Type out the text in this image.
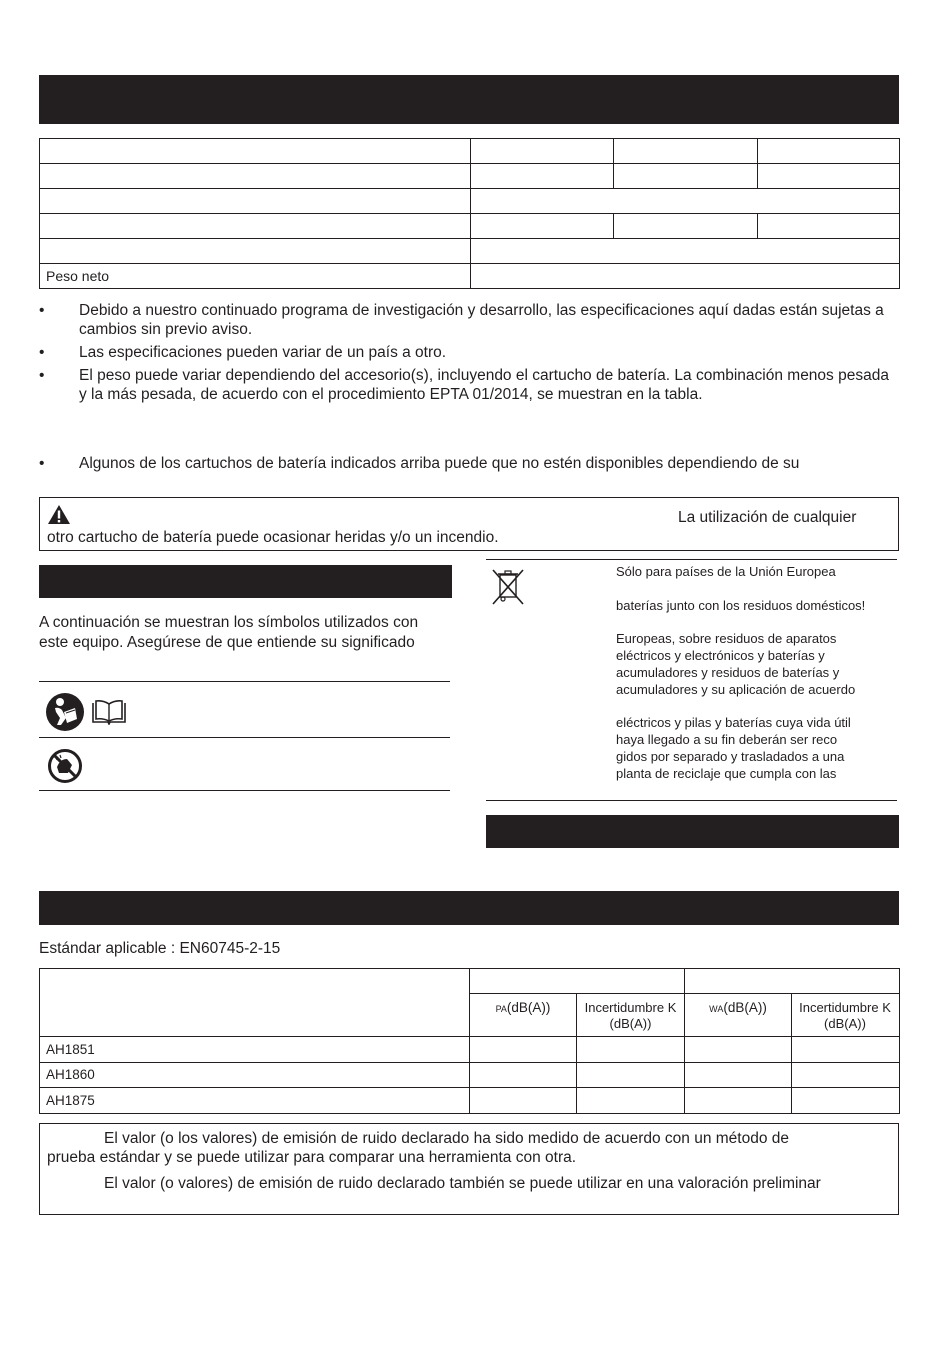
Peso neto			
• Debido a nuestro continuado programa de investigación y desarrollo, las especificaciones aquí dadas están sujetas a cambios sin previo aviso.
• Las especificaciones pueden variar de un país a otro.
• El peso puede variar dependiendo del accesorio(s), incluyendo el cartucho de batería. La combinación menos pesada y la más pesada, de acuerdo con el procedimiento EPTA 01/2014, se muestran en la tabla.
• Algunos de los cartuchos de batería indicados arriba puede que no estén disponibles dependiendo de su
La utilización de cualquier
otro cartucho de batería puede ocasionar heridas y/o un incendio.
A continuación se muestran los símbolos utilizados con
este equipo. Asegúrese de que entiende su significado
Sólo para países de la Unión Europea
baterías junto con los residuos domésticos!
Europeas, sobre residuos de aparatos
eléctricos y electrónicos y baterías y
acumuladores y residuos de baterías y
acumuladores y su aplicación de acuerdo
eléctricos y pilas y baterías cuya vida útil
haya llegado a su fin deberán ser reco
gidos por separado y trasladados a una
planta de reciclaje que cumpla con las
Estándar aplicable : EN60745-2-15
PA(dB(A))	Incertidumbre K
(dB(A))
WA(dB(A))	Incertidumbre K
(dB(A))
AH1851
AH1860
AH1875
El valor (o los valores) de emisión de ruido declarado ha sido medido de acuerdo con un método de
prueba estándar y se puede utilizar para comparar una herramienta con otra.
El valor (o valores) de emisión de ruido declarado también se puede utilizar en una valoración preliminar
